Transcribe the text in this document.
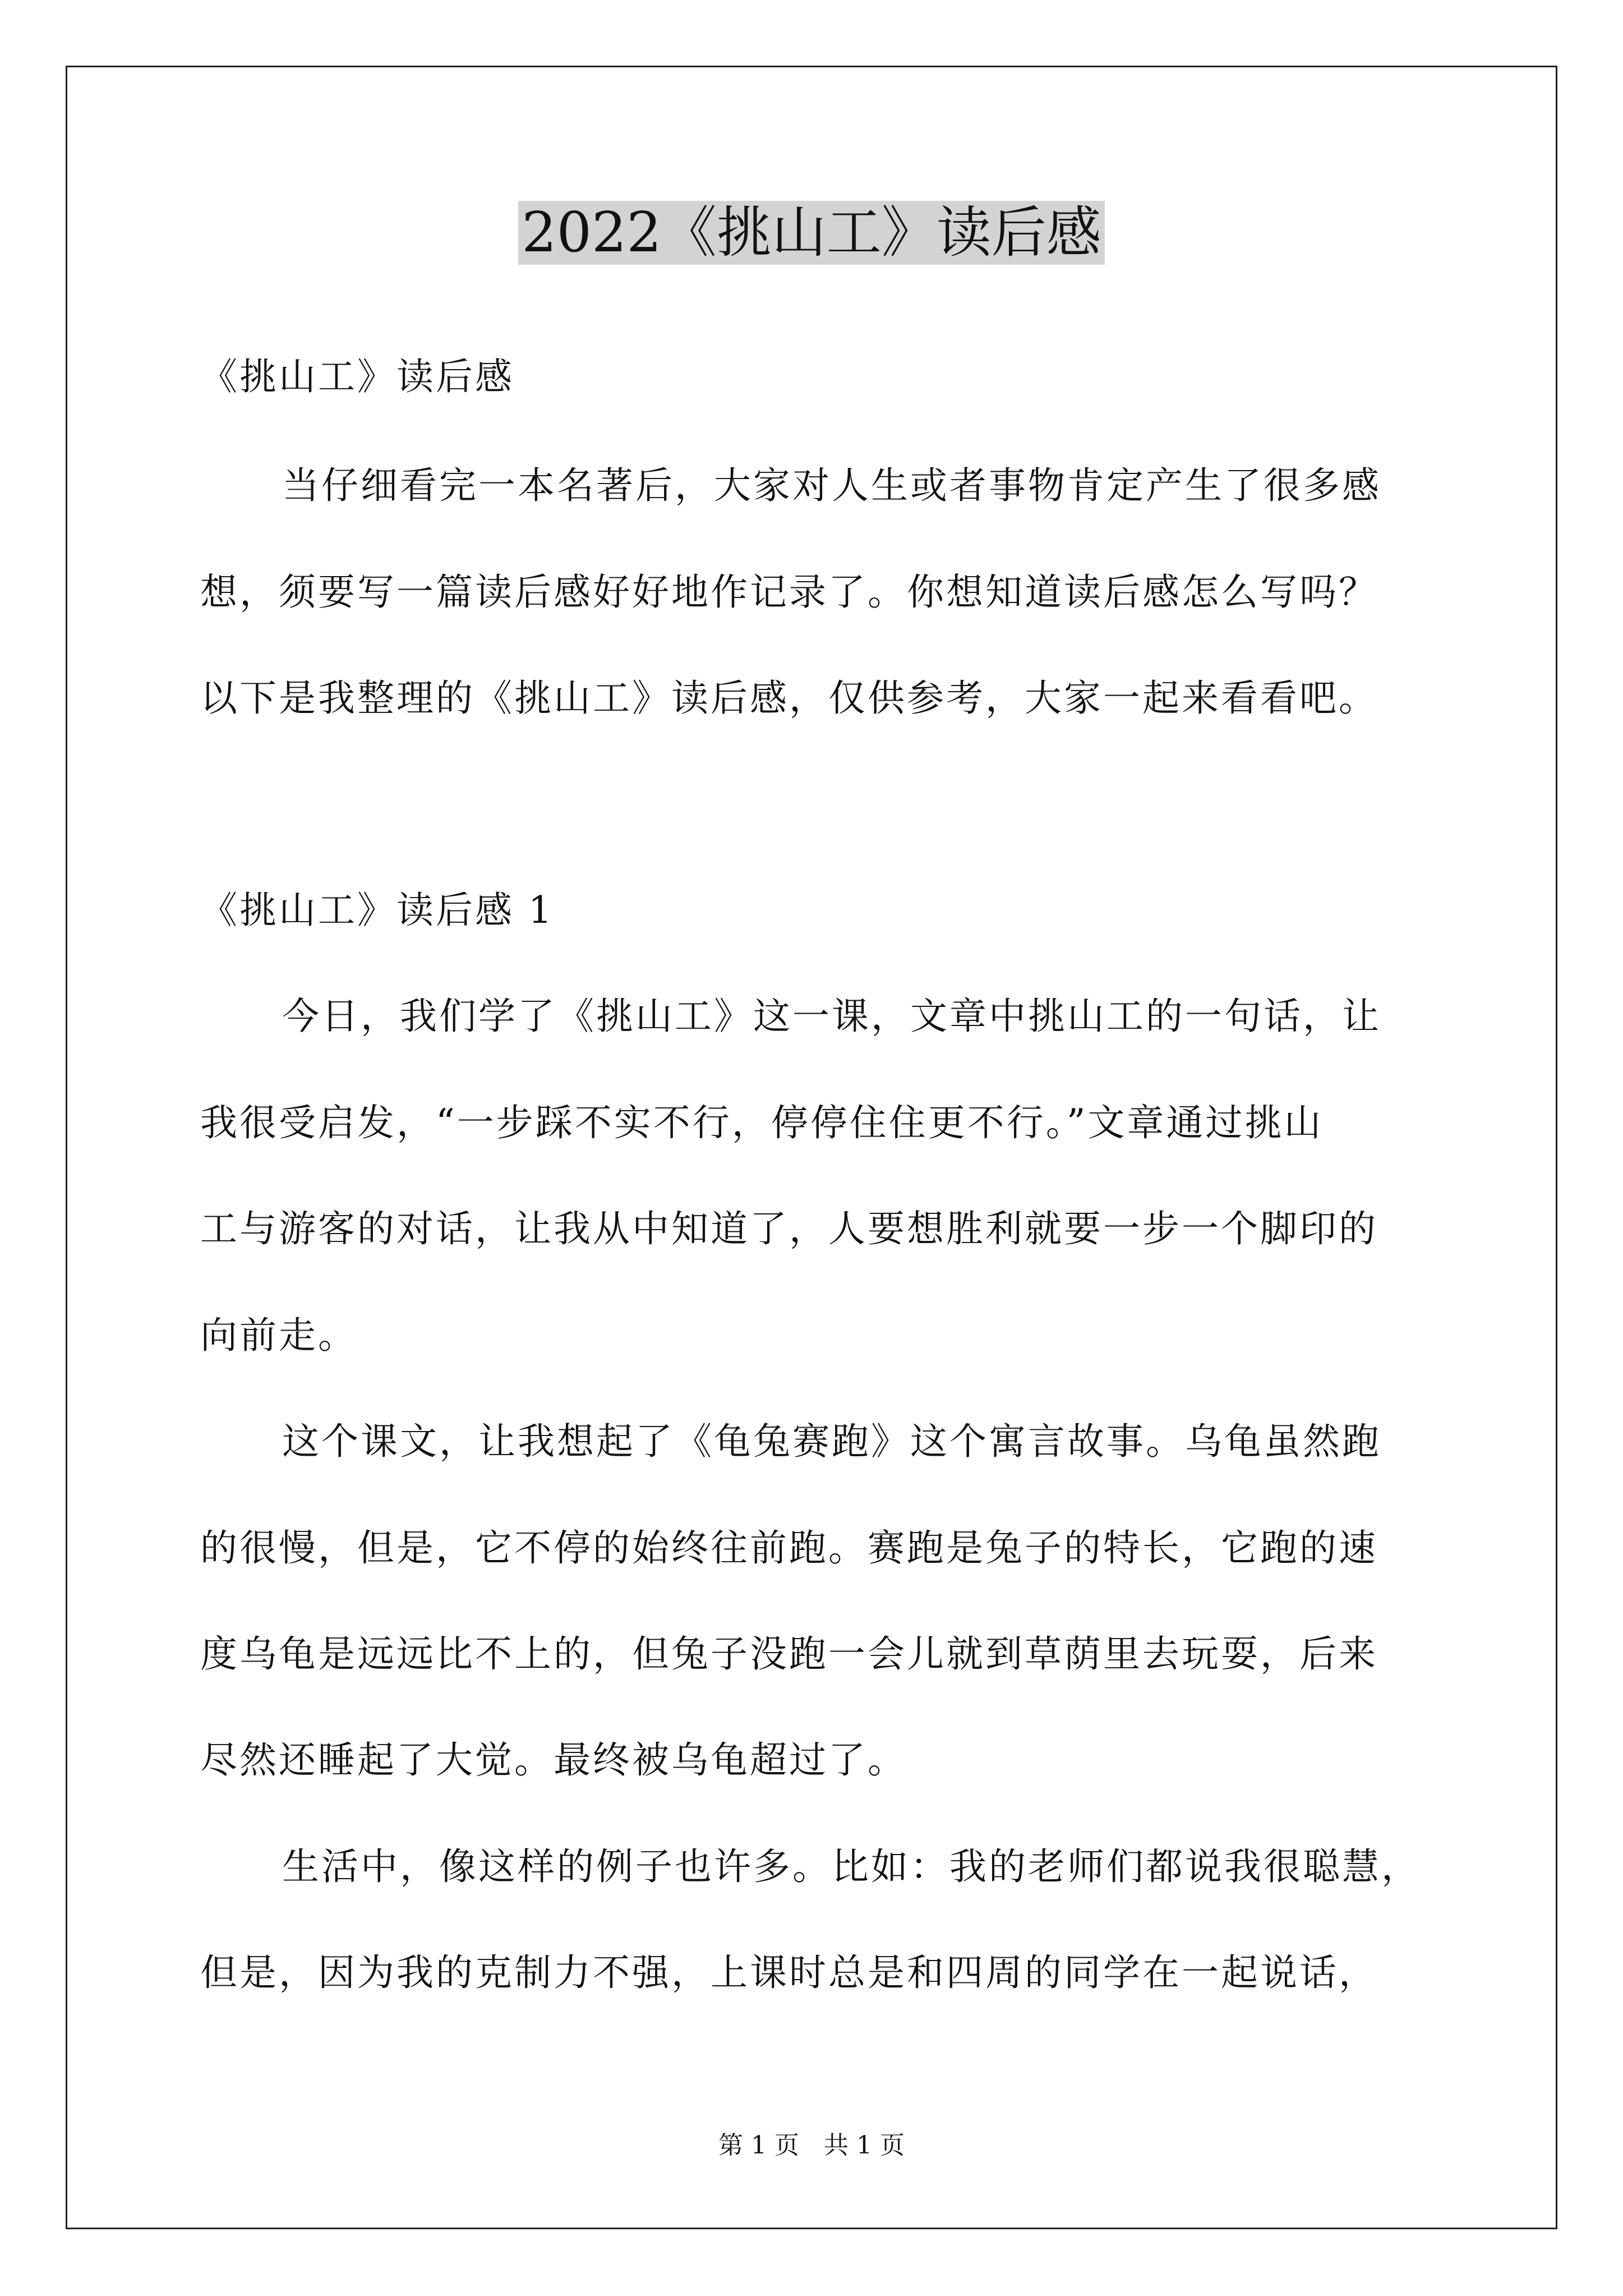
2022《挑山工》读后感
《挑山工》读后感
当仔细看完一本名著后，大家对人生或者事物肯定产生了很多感
想，须要写一篇读后感好好地作记录了。你想知道读后感怎么写吗？
以下是我整理的《挑山工》读后感，仅供参考，大家一起来看看吧。
《挑山工》读后感 1
今日，我们学了《挑山工》这一课，文章中挑山工的一句话，让
我很受启发，“一步踩不实不行，停停住住更不行。”文章通过挑山
工与游客的对话，让我从中知道了，人要想胜利就要一步一个脚印的
向前走。
这个课文，让我想起了《龟兔赛跑》这个寓言故事。乌龟虽然跑
的很慢，但是，它不停的始终往前跑。赛跑是兔子的特长，它跑的速
度乌龟是远远比不上的，但兔子没跑一会儿就到草荫里去玩耍，后来
尽然还睡起了大觉。最终被乌龟超过了。
生活中，像这样的例子也许多。比如：我的老师们都说我很聪慧，
但是，因为我的克制力不强，上课时总是和四周的同学在一起说话，
第 1 页　共 1 页
